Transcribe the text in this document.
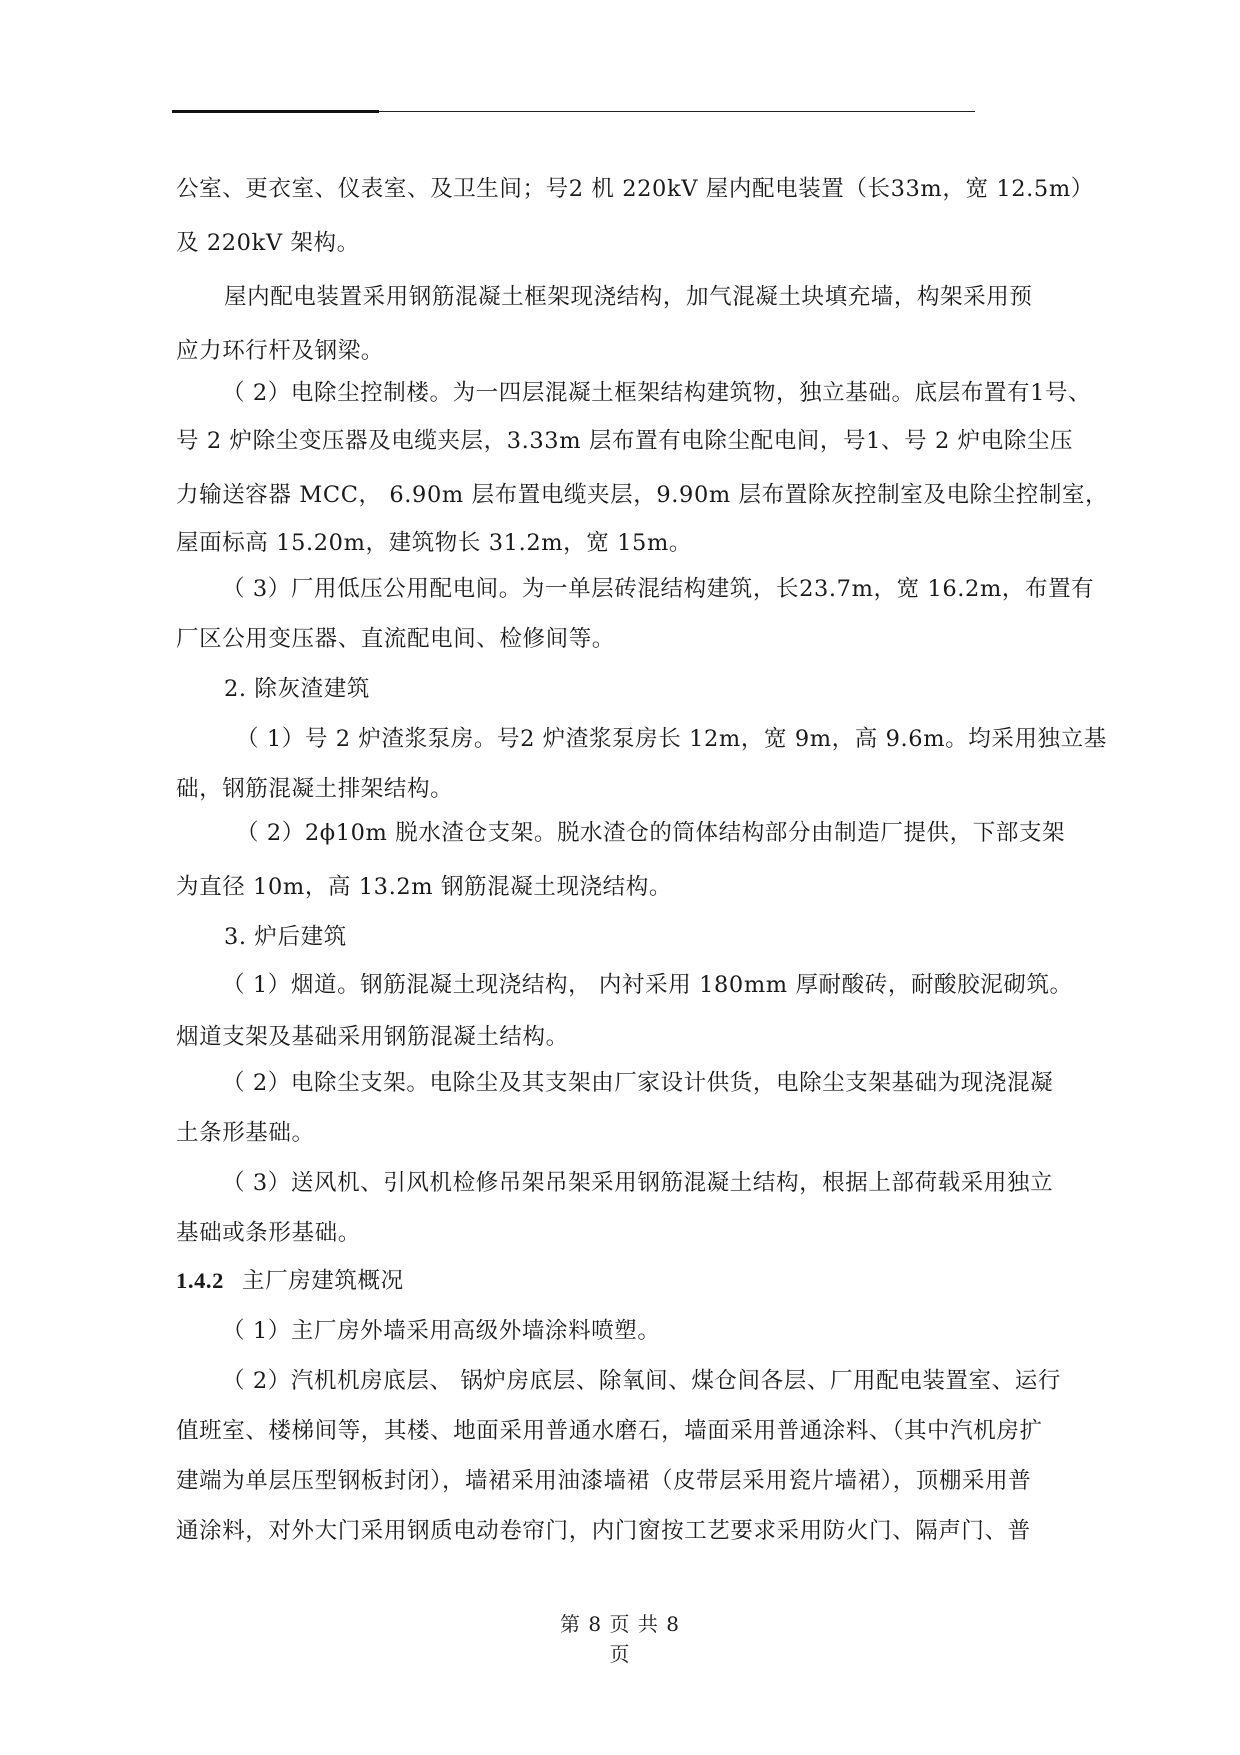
公室、更衣室、仪表室、及卫生间；号2 机 220kV 屋内配电装置（长33m，宽 12.5m）
及 220kV 架构。
屋内配电装置采用钢筋混凝土框架现浇结构，加气混凝土块填充墙，构架采用预
应力环行杆及钢梁。
（ 2）电除尘控制楼。为一四层混凝土框架结构建筑物，独立基础。底层布置有1号、
号 2 炉除尘变压器及电缆夹层，3.33m 层布置有电除尘配电间，号1、号 2 炉电除尘压
力输送容器 MCC， 6.90m 层布置电缆夹层，9.90m 层布置除灰控制室及电除尘控制室，
屋面标高 15.20m，建筑物长 31.2m，宽 15m。
（ 3）厂用低压公用配电间。为一单层砖混结构建筑，长23.7m，宽 16.2m，布置有
厂区公用变压器、直流配电间、检修间等。
2. 除灰渣建筑
（ 1）号 2 炉渣浆泵房。号2 炉渣浆泵房长 12m，宽 9m，高 9.6m。均采用独立基
础，钢筋混凝土排架结构。
（ 2）2ϕ10m 脱水渣仓支架。脱水渣仓的筒体结构部分由制造厂提供，下部支架
为直径 10m，高 13.2m 钢筋混凝土现浇结构。
3. 炉后建筑
（ 1）烟道。钢筋混凝土现浇结构， 内衬采用 180mm 厚耐酸砖，耐酸胶泥砌筑。
烟道支架及基础采用钢筋混凝土结构。
（ 2）电除尘支架。电除尘及其支架由厂家设计供货，电除尘支架基础为现浇混凝
土条形基础。
（ 3）送风机、引风机检修吊架吊架采用钢筋混凝土结构，根据上部荷载采用独立
基础或条形基础。
1.4.2 主厂房建筑概况
（ 1）主厂房外墙采用高级外墙涂料喷塑。
（ 2）汽机机房底层、 锅炉房底层、除氧间、煤仓间各层、厂用配电装置室、运行
值班室、楼梯间等，其楼、地面采用普通水磨石，墙面采用普通涂料、（其中汽机房扩
建端为单层压型钢板封闭），墙裙采用油漆墙裙（皮带层采用瓷片墙裙），顶棚采用普
通涂料，对外大门采用钢质电动卷帘门，内门窗按工艺要求采用防火门、隔声门、普
第 8 页 共 8
页
